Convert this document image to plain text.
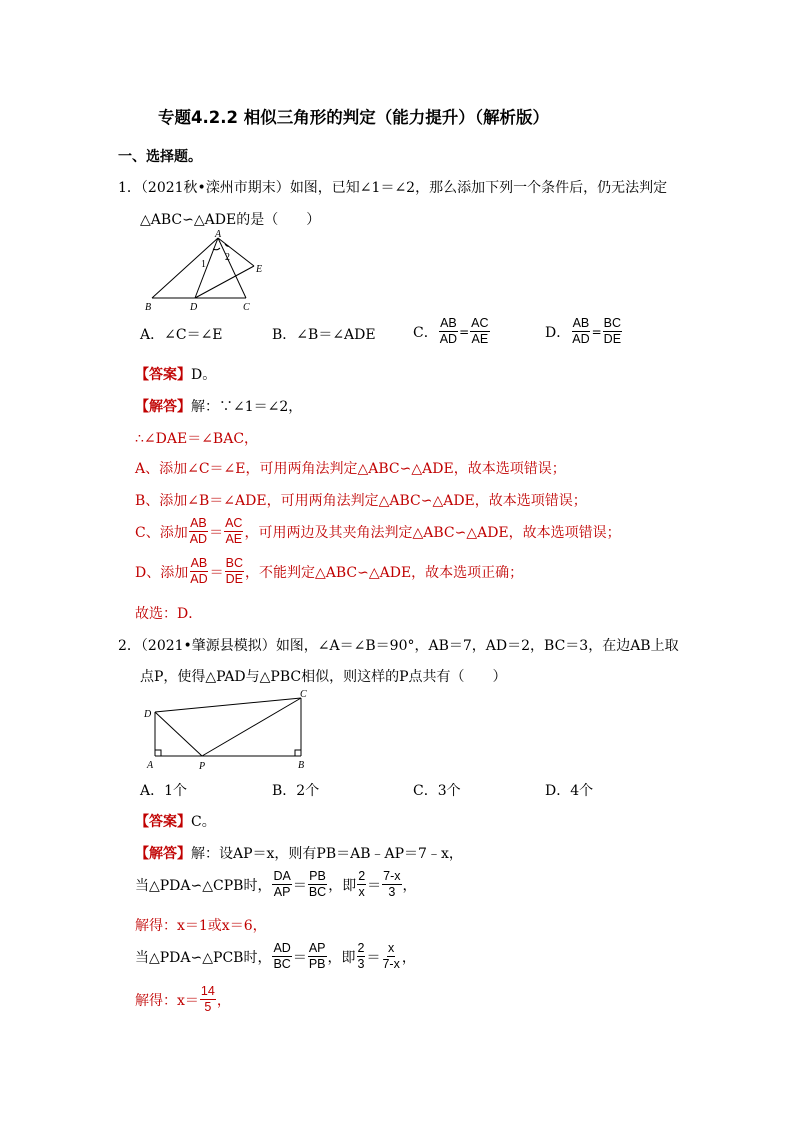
专题4.2.2 相似三角形的判定（能力提升）（解析版）
一、选择题。
1．（2021秋•滦州市期末）如图，已知∠1＝∠2，那么添加下列一个条件后，仍无法判定
△ABC∽△ADE的是（　　）
A
B	C
D
E
1
2
A．∠C＝∠E	B．∠B＝∠ADE	C． $\frac{AB}{AD} = \frac{AC}{AE}$	D． $\frac{AB}{AD} = \frac{BC}{DE}$
【答案】D。
【解答】解：∵∠1＝∠2，
∴∠DAE＝∠BAC，
A、添加∠C＝∠E，可用两角法判定△ABC∽△ADE，故本选项错误；
B、添加∠B＝∠ADE，可用两角法判定△ABC∽△ADE，故本选项错误；
C、添加 $\frac{AB}{AD} = \frac{AC}{AE}$ ，可用两边及其夹角法判定△ABC∽△ADE，故本选项错误；
D、添加 $\frac{AB}{AD} = \frac{BC}{DE}$ ，不能判定△ABC∽△ADE，故本选项正确；
故选：D．
2．（2021•肇源县模拟）如图，∠A＝∠B＝90°，AB＝7，AD＝2，BC＝3，在边AB上取
点P，使得△PAD与△PBC相似，则这样的P点共有（　　）
D
A	P	B
C
A．1个	B．2个	C．3个	D．4个
【答案】C。
【解答】解：设AP＝x，则有PB＝AB﹣AP＝7﹣x，
当△PDA∽△CPB时， $\frac{DA}{AP} = \frac{PB}{BC}$ ，即 $\frac{2}{x} = \frac{7-x}{3}$ ，
解得：x＝1或x＝6，
当△PDA∽△PCB时， $\frac{AD}{BC} = \frac{AP}{PB}$ ，即 $\frac{2}{3} = \frac{x}{7-x}$ ，
解得：$x= \frac{14}{5}$ ，
